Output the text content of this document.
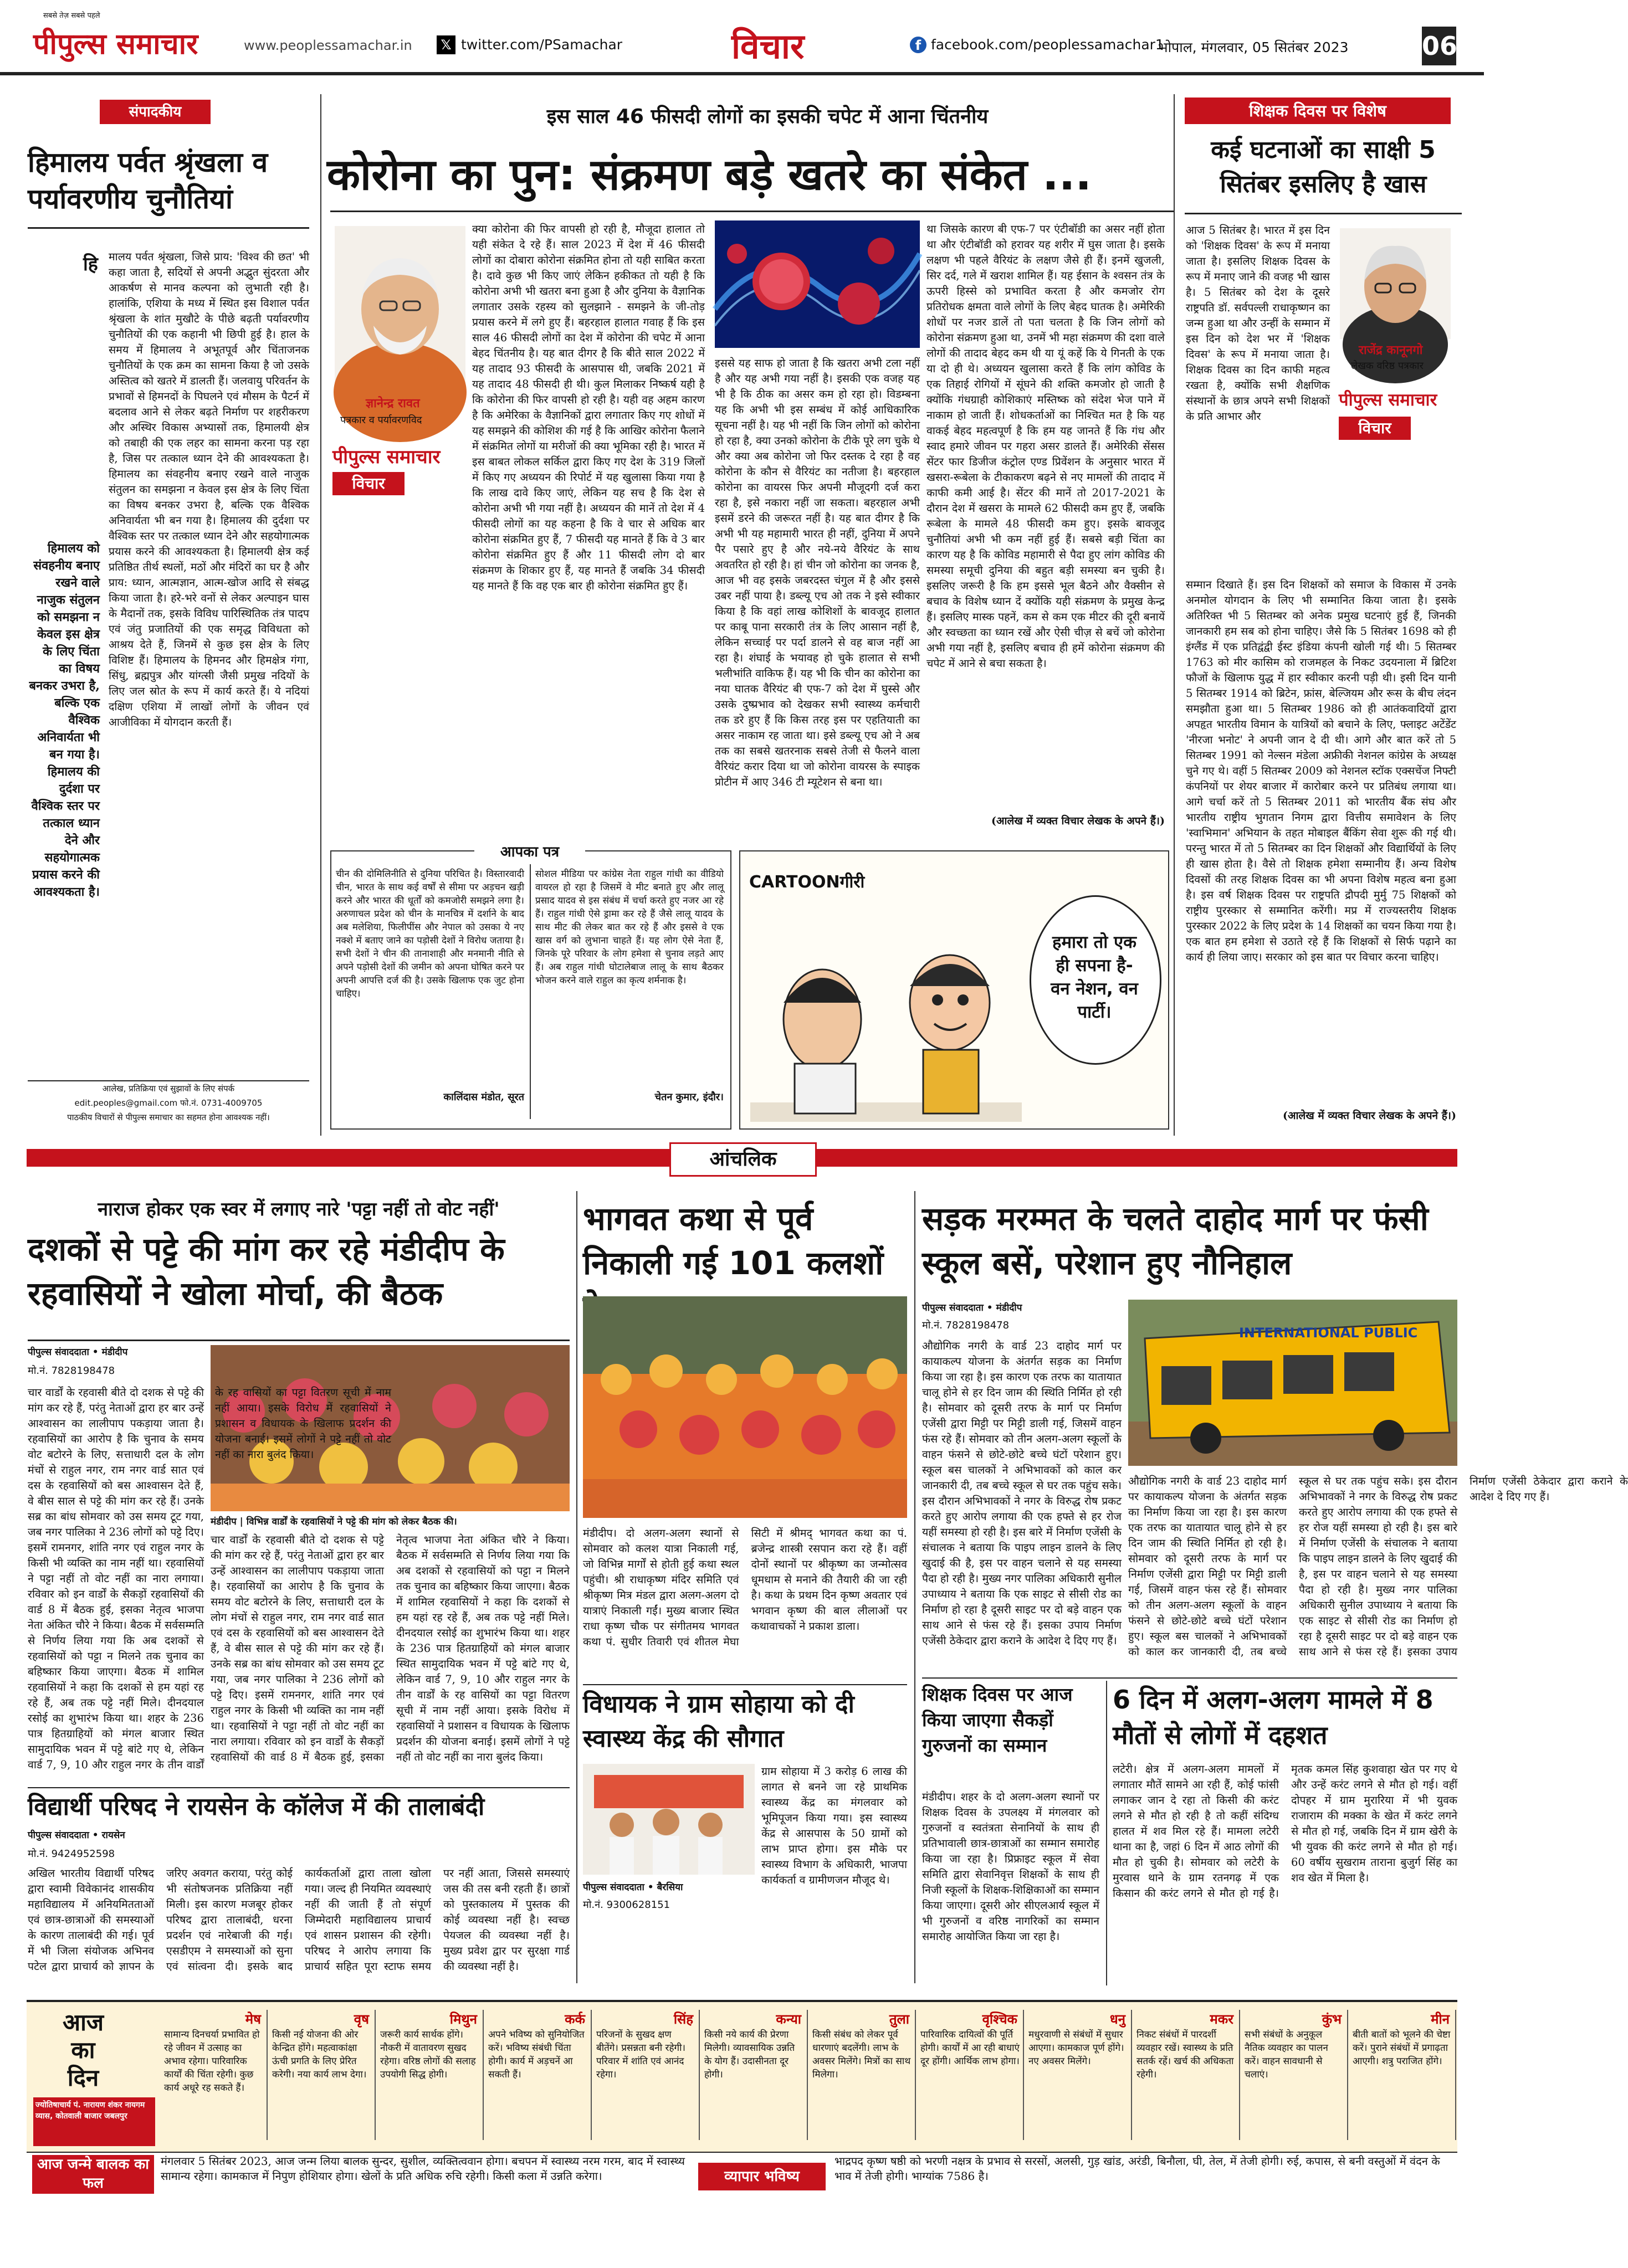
सबसे तेज़ सबसे पहले
पीपुल्स समाचार	www.peoplessamachar.in	𝕏 twitter.com/PSamachar	विचार	f facebook.com/peoplessamachar1
भोपाल, मंगलवार, 05 सितंबर 2023	06
संपादकीय
हिमालय पर्वत श्रृंखला व पर्यावरणीय चुनौतियां
हि मालय पर्वत श्रृंखला, जिसे प्राय: 'विश्व की छत' भी कहा जाता है, सदियों से अपनी अद्भुत सुंदरता और आकर्षण से मानव कल्पना को लुभाती रही है। हालांकि, एशिया के मध्य में स्थित इस विशाल पर्वत श्रृंखला के शांत मुखौटे के पीछे बढ़ती पर्यावरणीय चुनौतियों की एक कहानी भी छिपी हुई है। हाल के समय में हिमालय ने अभूतपूर्व और चिंताजनक चुनौतियों के एक क्रम का सामना किया है जो उसके अस्तित्व को खतरे में डालती हैं। जलवायु परिवर्तन के प्रभावों से हिमनदों के पिघलने एवं मौसम के पैटर्न में बदलाव आने से लेकर बढ़ते निर्माण पर शहरीकरण और अस्थिर विकास अभ्यासों तक, हिमालयी क्षेत्र को तबाही की एक लहर का सामना करना पड़ रहा है, जिस पर तत्काल ध्यान देने की आवश्यकता है। हिमालय का संवहनीय बनाए रखने वाले नाजुक संतुलन का समझना न केवल इस क्षेत्र के लिए चिंता का विषय बनकर उभरा है, बल्कि एक वैश्विक अनिवार्यता भी बन गया है। हिमालय की दुर्दशा पर वैश्विक स्तर पर तत्काल ध्यान देने और सहयोगात्मक प्रयास करने की आवश्यकता है। हिमालयी क्षेत्र कई प्रतिष्ठित तीर्थ स्थलों, मठों और मंदिरों का घर है और प्राय: ध्यान, आत्मज्ञान, आत्म-खोज आदि से संबद्ध किया जाता है। हरे-भरे वनों से लेकर अल्पाइन घास के मैदानों तक, इसके विविध पारिस्थितिक तंत्र पादप एवं जंतु प्रजातियों की एक समृद्ध विविधता को आश्रय देते हैं, जिनमें से कुछ इस क्षेत्र के लिए विशिष्ट हैं। हिमालय के हिमनद और हिमक्षेत्र गंगा, सिंधु, ब्रह्मपुत्र और यांग्त्सी जैसी प्रमुख नदियों के लिए जल स्रोत के रूप में कार्य करते हैं। ये नदियां दक्षिण एशिया में लाखों लोगों के जीवन एवं आजीविका में योगदान करती हैं।
हिमालय को संवहनीय बनाए रखने वाले नाजुक संतुलन को समझना न केवल इस क्षेत्र के लिए चिंता का विषय बनकर उभरा है, बल्कि एक वैश्विक अनिवार्यता भी बन गया है। हिमालय की दुर्दशा पर वैश्विक स्तर पर तत्काल ध्यान देने और सहयोगात्मक प्रयास करने की आवश्यकता है।
आलेख, प्रतिक्रिया एवं सुझावों के लिए संपर्क
edit.peoples@gmail.com फो.नं. 0731-4009705
पाठकीय विचारों से पीपुल्स समाचार का सहमत होना आवश्यक नहीं।
इस साल 46 फीसदी लोगों का इसकी चपेट में आना चिंतनीय
कोरोना का पुन: संक्रमण बड़े खतरे का संकेत ...
ज्ञानेन्द्र रावत
पत्रकार व पर्यावरणविद
पीपुल्स समाचार
विचार
क्या कोरोना की फिर वापसी हो रही है, मौजूदा हालात तो यही संकेत दे रहे हैं। साल 2023 में देश में 46 फीसदी लोगों का दोबारा कोरोना संक्रमित होना तो यही साबित करता है। दावे कुछ भी किए जाएं लेकिन हकीकत तो यही है कि कोरोना अभी भी खतरा बना हुआ है और दुनिया के वैज्ञानिक लगातार उसके रहस्य को सुलझाने - समझने के जी-तोड़ प्रयास करने में लगे हुए हैं। बहरहाल हालात गवाह हैं कि इस साल 46 फीसदी लोगों का देश में कोरोना की चपेट में आना बेहद चिंतनीय है। यह बात दीगर है कि बीते साल 2022 में यह तादाद 93 फीसदी के आसपास थी, जबकि 2021 में यह तादाद 48 फीसदी ही थी। कुल मिलाकर निष्कर्ष यही है कि कोरोना की फिर वापसी हो रही है। यही वह अहम कारण है कि अमेरिका के वैज्ञानिकों द्वारा लगातार किए गए शोधों में यह समझने की कोशिश की गई है कि आखिर कोरोना फैलाने में संक्रमित लोगों या मरीजों की क्या भूमिका रही है। भारत में इस बाबत लोकल सर्किल द्वारा किए गए देश के 319 जिलों में किए गए अध्ययन की रिपोर्ट में यह खुलासा किया गया है कि लाख दावे किए जाएं, लेकिन यह सच है कि देश से कोरोना अभी भी गया नहीं है। अध्ययन की मानें तो देश में 4 फीसदी लोगों का यह कहना है कि वे चार से अधिक बार कोरोना संक्रमित हुए हैं, 7 फीसदी यह मानते हैं कि वे 3 बार कोरोना संक्रमित हुए हैं और 11 फीसदी लोग दो बार संक्रमण के शिकार हुए हैं, यह मानते हैं जबकि 34 फीसदी यह मानते हैं कि वह एक बार ही कोरोना संक्रमित हुए हैं।
इससे यह साफ हो जाता है कि खतरा अभी टला नहीं है और यह अभी गया नहीं है। इसकी एक वजह यह भी है कि ठीक का असर कम हो रहा हो। विडम्बना यह कि अभी भी इस सम्बंध में कोई आधिकारिक सूचना नहीं है। यह भी नहीं कि जिन लोगों को कोरोना हो रहा है, क्या उनको कोरोना के टीके पूरे लग चुके थे और क्या अब कोरोना जो फिर दस्तक दे रहा है वह कोरोना के कौन से वैरियंट का नतीजा है। बहरहाल कोरोना का वायरस फिर अपनी मौजूदगी दर्ज करा रहा है, इसे नकारा नहीं जा सकता। बहरहाल अभी इसमें डरने की जरूरत नहीं है। यह बात दीगर है कि अभी भी यह महामारी भारत ही नहीं, दुनिया में अपने पैर पसारे हुए है और नये-नये वैरियंट के साथ अवतरित हो रही है। हां चीन जो कोरोना का जनक है, आज भी वह इसके जबरदस्त चंगुल में है और इससे उबर नहीं पाया है। डब्ल्यू एच ओ तक ने इसे स्वीकार किया है कि वहां लाख कोशिशों के बावजूद हालात पर काबू पाना सरकारी तंत्र के लिए आसान नहीं है, लेकिन सच्चाई पर पर्दा डालने से वह बाज नहीं आ रहा है। शंघाई के भयावह हो चुके हालात से सभी भलीभांति वाकिफ हैं। यह भी कि चीन का कोरोना का नया घातक वैरियंट बी एफ-7 को देश में घुस्से और उसके दुष्प्रभाव को देखकर सभी स्वास्थ्य कर्मचारी तक डरे हुए हैं कि किस तरह इस पर एहतियाती का असर नाकाम रह जाता था। इसे डब्ल्यू एच ओ ने अब तक का सबसे खतरनाक सबसे तेजी से फैलने वाला वैरियंट करार दिया था जो कोरोना वायरस के स्पाइक प्रोटीन में आए 346 टी म्यूटेशन से बना था।
था जिसके कारण बी एफ-7 पर एंटीबॉडी का असर नहीं होता था और एंटीबॉडी को हरावर यह शरीर में घुस जाता है। इसके लक्षण भी पहले वैरियंट के लक्षण जैसे ही हैं। इनमें खुजली, सिर दर्द, गले में खराश शामिल हैं। यह ईसान के श्वसन तंत्र के ऊपरी हिस्से को प्रभावित करता है और कमजोर रोग प्रतिरोधक क्षमता वाले लोगों के लिए बेहद घातक है। अमेरिकी शोधों पर नजर डालें तो पता चलता है कि जिन लोगों को कोरोना संक्रमण हुआ था, उनमें भी महा संक्रमण की दशा वाले लोगों की तादाद बेहद कम थी या यूं कहें कि ये गिनती के एक या दो ही थे। अध्ययन खुलासा करते हैं कि लांग कोविड के एक तिहाई रोगियों में सूंघने की शक्ति कमजोर हो जाती है क्योंकि गंधग्राही कोशिकाएं मस्तिष्क को संदेश भेज पाने में नाकाम हो जाती हैं। शोधकर्ताओं का निश्चित मत है कि यह वाकई बेहद महत्वपूर्ण है कि हम यह जानते हैं कि गंध और स्वाद हमारे जीवन पर गहरा असर डालते हैं। अमेरिकी सेंसस सेंटर फार डिजीज कंट्रोल एण्ड प्रिवेंशन के अनुसार भारत में खसरा-रूबेला के टीकाकरण बढ़ने से नए मामलों की तादाद में काफी कमी आई है। सेंटर की मानें तो 2017-2021 के दौरान देश में खसरा के मामले 62 फीसदी कम हुए हैं, जबकि रूबेला के मामले 48 फीसदी कम हुए। इसके बावजूद चुनौतियां अभी भी कम नहीं हुई हैं। सबसे बड़ी चिंता का कारण यह है कि कोविड महामारी से पैदा हुए लांग कोविड की समस्या समूची दुनिया की बहुत बड़ी समस्या बन चुकी है। इसलिए जरूरी है कि हम इससे भूल बैठने और वैक्सीन से बचाव के विशेष ध्यान दें क्योंकि यही संक्रमण के प्रमुख केन्द्र हैं। इसलिए मास्क पहनें, कम से कम एक मीटर की दूरी बनायें और स्वच्छता का ध्यान रखें और ऐसी चीज़ से बचें जो कोरोना अभी गया नहीं है, इसलिए बचाव ही हमें कोरोना संक्रमण की चपेट में आने से बचा सकता है।
(आलेख में व्यक्त विचार लेखक के अपने हैं।)
आपका पत्र
चीन की दोमिलिनीति से दुनिया परिचित है। विस्तारवादी चीन, भारत के साथ कई वर्षों से सीमा पर अड़चन खड़ी करने और भारत की धूर्तों को कमजोरी समझने लगा है। अरुणाचल प्रदेश को चीन के मानचित्र में दर्शाने के बाद अब मलेशिया, फिलीपींस और नेपाल को उसका ये नए नक्शे में बताए जाने का पड़ोसी देशों ने विरोध जताया है। सभी देशों ने चीन की तानाशाही और मनमानी नीति से अपने पड़ोसी देशों की जमीन को अपना घोषित करने पर अपनी आपत्ति दर्ज की है। उसके खिलाफ एक जुट होना चाहिए।
कालिंदास मंडोत, सूरत
सोशल मीडिया पर कांग्रेस नेता राहुल गांधी का वीडियो वायरल हो रहा है जिसमें वे मीट बनाते हुए और लालू प्रसाद यादव से इस संबंध में चर्चा करते हुए नजर आ रहे हैं। राहुल गांधी ऐसे ड्रामा कर रहे हैं जैसे लालू यादव के साथ मीट की लेकर बात कर रहे हैं और इससे वे एक खास वर्ग को लुभाना चाहते हैं। यह लोग ऐसे नेता हैं, जिनके पूरे परिवार के लोग हमेशा से चुनाव लड़ते आए हैं। अब राहुल गांधी घोटालेबाज लालू के साथ बैठकर भोजन करने वाले राहुल का कृत्य शर्मनाक है।
चेतन कुमार, इंदौर।
CARTOONगीरी
हमारा तो एक ही सपना है- वन नेशन, वन पार्टी।
शिक्षक दिवस पर विशेष
कई घटनाओं का साक्षी 5 सितंबर इसलिए है खास
आज 5 सितंबर है। भारत में इस दिन को 'शिक्षक दिवस' के रूप में मनाया जाता है। इसलिए शिक्षक दिवस के रूप में मनाए जाने की वजह भी खास है। 5 सितंबर को देश के दूसरे राष्ट्रपति डॉ. सर्वपल्ली राधाकृष्णन का जन्म हुआ था और उन्हीं के सम्मान में इस दिन को देश भर में 'शिक्षक दिवस' के रूप में मनाया जाता है। शिक्षक दिवस का दिन काफी महत्व रखता है, क्योंकि सभी शैक्षणिक संस्थानों के छात्र अपने सभी शिक्षकों के प्रति आभार और
राजेंद्र कानूनगो
लेखक वरिष्ठ पत्रकार
पीपुल्स समाचार
विचार
सम्मान दिखाते हैं। इस दिन शिक्षकों को समाज के विकास में उनके अनमोल योगदान के लिए भी सम्मानित किया जाता है। इसके अतिरिक्त भी 5 सितम्बर को अनेक प्रमुख घटनाएं हुई हैं, जिनकी जानकारी हम सब को होना चाहिए। जैसे कि 5 सितंबर 1698 को ही इंग्लैंड में एक प्रतिद्वंद्वी ईस्ट इंडिया कंपनी खोली गई थी। 5 सितम्बर 1763 को मीर कासिम को राजमहल के निकट उदयनाला में ब्रिटिश फौजों के खिलाफ युद्ध में हार स्वीकार करनी पड़ी थी। इसी दिन यानी 5 सितम्बर 1914 को ब्रिटेन, फ्रांस, बेल्जियम और रूस के बीच लंदन समझौता हुआ था। 5 सितम्बर 1986 को ही आतंकवादियों द्वारा अपहृत भारतीय विमान के यात्रियों को बचाने के लिए, फ्लाइट अटेंडेंट 'नीरजा भनोट' ने अपनी जान दे दी थी। आगे और बात करें तो 5 सितम्बर 1991 को नेल्सन मंडेला अफ्रीकी नेशनल कांग्रेस के अध्यक्ष चुने गए थे। वहीं 5 सितम्बर 2009 को नेशनल स्टॉक एक्सचेंज निफ्टी कंपनियों पर शेयर बाजार में कारोबार करने पर प्रतिबंध लगाया था। आगे चर्चा करें तो 5 सितम्बर 2011 को भारतीय बैंक संघ और भारतीय राष्ट्रीय भुगतान निगम द्वारा वित्तीय समावेशन के लिए 'स्वाभिमान' अभियान के तहत मोबाइल बैंकिंग सेवा शुरू की गई थी। परन्तु भारत में तो 5 सितम्बर का दिन शिक्षकों और विद्यार्थियों के लिए ही खास होता है। वैसे तो शिक्षक हमेशा सम्मानीय हैं। अन्य विशेष दिवसों की तरह शिक्षक दिवस का भी अपना विशेष महत्व बना हुआ है। इस वर्ष शिक्षक दिवस पर राष्ट्रपति द्रौपदी मुर्मु 75 शिक्षकों को राष्ट्रीय पुरस्कार से सम्मानित करेंगी। मप्र में राज्यस्तरीय शिक्षक पुरस्कार 2022 के लिए प्रदेश के 14 शिक्षकों का चयन किया गया है। एक बात हम हमेशा से उठाते रहे हैं कि शिक्षकों से सिर्फ पढ़ाने का कार्य ही लिया जाए। सरकार को इस बात पर विचार करना चाहिए।
(आलेख में व्यक्त विचार लेखक के अपने हैं।)
आंचलिक
नाराज होकर एक स्वर में लगाए नारे 'पट्टा नहीं तो वोट नहीं'
दशकों से पट्टे की मांग कर रहे मंडीदीप के रहवासियों ने खोला मोर्चा, की बैठक
पीपुल्स संवाददाता • मंडीदीप
मो.नं. 7828198478
मंडीदीप | विभिन्न वार्डों के रहवासियों ने पट्टे की मांग को लेकर बैठक की।
चार वार्डों के रहवासी बीते दो दशक से पट्टे की मांग कर रहे हैं, परंतु नेताओं द्वारा हर बार उन्हें आश्वासन का लालीपाप पकड़ाया जाता है। रहवासियों का आरोप है कि चुनाव के समय वोट बटोरने के लिए, सत्ताधारी दल के लोग मंचों से राहुल नगर, राम नगर वार्ड सात एवं दस के रहवासियों को बस आश्वासन देते हैं, वे बीस साल से पट्टे की मांग कर रहे हैं। उनके सब्र का बांध सोमवार को उस समय टूट गया, जब नगर पालिका ने 236 लोगों को पट्टे दिए। इसमें रामनगर, शांति नगर एवं राहुल नगर के किसी भी व्यक्ति का नाम नहीं था। रहवासियों ने पट्टा नहीं तो वोट नहीं का नारा लगाया। रविवार को इन वार्डों के सैकड़ों रहवासियों की वार्ड 8 में बैठक हुई, इसका नेतृत्व भाजपा नेता अंकित चौरे ने किया। बैठक में सर्वसम्मति से निर्णय लिया गया कि अब दशकों से रहवासियों को पट्टा न मिलने तक चुनाव का बहिष्कार किया जाएगा। बैठक में शामिल रहवासियों ने कहा कि दशकों से हम यहां रह रहे हैं, अब तक पट्टे नहीं मिले। दीनदयाल रसोई का शुभारंभ किया था। शहर के 236 पात्र हितग्राहियों को मंगल बाजार स्थित सामुदायिक भवन में पट्टे बांटे गए थे, लेकिन वार्ड 7, 9, 10 और राहुल नगर के तीन वार्डों
चार वार्डों के रहवासी बीते दो दशक से पट्टे की मांग कर रहे हैं, परंतु नेताओं द्वारा हर बार उन्हें आश्वासन का लालीपाप पकड़ाया जाता है। रहवासियों का आरोप है कि चुनाव के समय वोट बटोरने के लिए, सत्ताधारी दल के लोग मंचों से राहुल नगर, राम नगर वार्ड सात एवं दस के रहवासियों को बस आश्वासन देते हैं, वे बीस साल से पट्टे की मांग कर रहे हैं। उनके सब्र का बांध सोमवार को उस समय टूट गया, जब नगर पालिका ने 236 लोगों को पट्टे दिए। इसमें रामनगर, शांति नगर एवं राहुल नगर के किसी भी व्यक्ति का नाम नहीं था। रहवासियों ने पट्टा नहीं तो वोट नहीं का नारा लगाया। रविवार को इन वार्डों के सैकड़ों रहवासियों की वार्ड 8 में बैठक हुई, इसका नेतृत्व भाजपा नेता अंकित चौरे ने किया। बैठक में सर्वसम्मति से निर्णय लिया गया कि अब दशकों से रहवासियों को पट्टा न मिलने तक चुनाव का बहिष्कार किया जाएगा। बैठक में शामिल रहवासियों ने कहा कि दशकों से हम यहां रह रहे हैं, अब तक पट्टे नहीं मिले। दीनदयाल रसोई का शुभारंभ किया था। शहर के 236 पात्र हितग्राहियों को मंगल बाजार स्थित सामुदायिक भवन में पट्टे बांटे गए थे, लेकिन वार्ड 7, 9, 10 और राहुल नगर के तीन वार्डों के रह वासियों का पट्टा वितरण सूची में नाम नहीं आया। इसके विरोध में रहवासियों ने प्रशासन व विधायक के खिलाफ प्रदर्शन की योजना बनाई। इसमें लोगों ने पट्टे नहीं तो वोट नहीं का नारा बुलंद किया।
विद्यार्थी परिषद ने रायसेन के कॉलेज में की तालाबंदी
पीपुल्स संवाददाता • रायसेन
मो.नं. 9424952598
अखिल भारतीय विद्यार्थी परिषद द्वारा स्वामी विवेकानंद शासकीय महाविद्यालय में अनियमितताओं एवं छात्र-छात्राओं की समस्याओं के कारण तालाबंदी की गई। पूर्व में भी जिला संयोजक अभिनव पटेल द्वारा प्राचार्य को ज्ञापन के जरिए अवगत कराया, परंतु कोई भी संतोषजनक प्रतिक्रिया नहीं मिली। इस कारण मजबूर होकर परिषद द्वारा तालाबंदी, धरना प्रदर्शन एवं नारेबाजी की गई। एसडीएम ने समस्याओं को सुना एवं सांत्वना दी। इसके बाद कार्यकर्ताओं द्वारा ताला खोला गया। जल्द ही नियमित व्यवस्थाएं नहीं की जाती हैं तो संपूर्ण जिम्मेदारी महाविद्यालय प्राचार्य एवं शासन प्रशासन की रहेगी। परिषद ने आरोप लगाया कि प्राचार्य सहित पूरा स्टाफ समय पर नहीं आता, जिससे समस्याएं जस की तस बनी रहती हैं। छात्रों को पुस्तकालय में पुस्तक की कोई व्यवस्था नहीं है। स्वच्छ पेयजल की व्यवस्था नहीं है। मुख्य प्रवेश द्वार पर सुरक्षा गार्ड की व्यवस्था नहीं है।
भागवत कथा से पूर्व निकाली गई 101 कलशों
मंडीदीप। दो अलग-अलग स्थानों से सोमवार को कलश यात्रा निकाली गई, जो विभिन्न मार्गों से होती हुई कथा स्थल पहुंची। श्री राधाकृष्ण मंदिर समिति एवं श्रीकृष्ण मित्र मंडल द्वारा अलग-अलग दो यात्राएं निकाली गईं। मुख्य बाजार स्थित राधा कृष्ण चौक पर संगीतमय भागवत कथा पं. सुधीर तिवारी एवं शीतल मेघा सिटी में श्रीमद् भागवत कथा का पं. ब्रजेन्द्र शास्त्री रसपान करा रहे हैं। वहीं दोनों स्थानों पर श्रीकृष्ण का जन्मोत्सव धूमधाम से मनाने की तैयारी की जा रही है। कथा के प्रथम दिन कृष्ण अवतार एवं भगवान कृष्ण की बाल लीलाओं पर कथावाचकों ने प्रकाश डाला।
विधायक ने ग्राम सोहाया को दी स्वास्थ्य केंद्र की सौगात
पीपुल्स संवाददाता • बैरसिया
मो.नं. 9300628151
ग्राम सोहाया में 3 करोड़ 6 लाख की लागत से बनने जा रहे प्राथमिक स्वास्थ्य केंद्र का मंगलवार को भूमिपूजन किया गया। इस स्वास्थ्य केंद्र से आसपास के 50 ग्रामों को लाभ प्राप्त होगा। इस मौके पर स्वास्थ्य विभाग के अधिकारी, भाजपा कार्यकर्ता व ग्रामीणजन मौजूद थे।
सड़क मरम्मत के चलते दाहोद मार्ग पर फंसी स्कूल बसें, परेशान हुए नौनिहाल
पीपुल्स संवाददाता • मंडीदीप
मो.नं. 7828198478	INTERNATIONAL PUBLIC
औद्योगिक नगरी के वार्ड 23 दाहोद मार्ग पर कायाकल्प योजना के अंतर्गत सड़क का निर्माण किया जा रहा है। इस कारण एक तरफ का यातायात चालू होने से हर दिन जाम की स्थिति निर्मित हो रही है। सोमवार को दूसरी तरफ के मार्ग पर निर्माण एजेंसी द्वारा मिट्टी पर मिट्टी डाली गई, जिसमें वाहन फंस रहे हैं। सोमवार को तीन अलग-अलग स्कूलों के वाहन फंसने से छोटे-छोटे बच्चे घंटों परेशान हुए। स्कूल बस चालकों ने अभिभावकों को काल कर जानकारी दी, तब बच्चे स्कूल से घर तक पहुंच सके। इस दौरान अभिभावकों ने नगर के विरुद्ध रोष प्रकट करते हुए आरोप लगाया की एक हफ्ते से हर रोज यहीं समस्या हो रही है। इस बारे में निर्माण एजेंसी के संचालक ने बताया कि पाइप लाइन डालने के लिए खुदाई की है, इस पर वाहन चलाने से यह समस्या पैदा हो रही है। मुख्य नगर पालिका अधिकारी सुनील उपाध्याय ने बताया कि एक साइट से सीसी रोड का निर्माण हो रहा है दूसरी साइट पर दो बड़े वाहन एक साथ आने से फंस रहे हैं। इसका उपाय निर्माण एजेंसी ठेकेदार द्वारा कराने के आदेश दे दिए गए हैं।
औद्योगिक नगरी के वार्ड 23 दाहोद मार्ग पर कायाकल्प योजना के अंतर्गत सड़क का निर्माण किया जा रहा है। इस कारण एक तरफ का यातायात चालू होने से हर दिन जाम की स्थिति निर्मित हो रही है। सोमवार को दूसरी तरफ के मार्ग पर निर्माण एजेंसी द्वारा मिट्टी पर मिट्टी डाली गई, जिसमें वाहन फंस रहे हैं। सोमवार को तीन अलग-अलग स्कूलों के वाहन फंसने से छोटे-छोटे बच्चे घंटों परेशान हुए। स्कूल बस चालकों ने अभिभावकों को काल कर जानकारी दी, तब बच्चे स्कूल से घर तक पहुंच सके। इस दौरान अभिभावकों ने नगर के विरुद्ध रोष प्रकट करते हुए आरोप लगाया की एक हफ्ते से हर रोज यहीं समस्या हो रही है। इस बारे में निर्माण एजेंसी के संचालक ने बताया कि पाइप लाइन डालने के लिए खुदाई की है, इस पर वाहन चलाने से यह समस्या पैदा हो रही है। मुख्य नगर पालिका अधिकारी सुनील उपाध्याय ने बताया कि एक साइट से सीसी रोड का निर्माण हो रहा है दूसरी साइट पर दो बड़े वाहन एक साथ आने से फंस रहे हैं। इसका उपाय निर्माण एजेंसी ठेकेदार द्वारा कराने के आदेश दे दिए गए हैं।
शिक्षक दिवस पर आज किया जाएगा सैकड़ों गुरुजनों का सम्मान
मंडीदीप। शहर के दो अलग-अलग स्थानों पर शिक्षक दिवस के उपलक्ष्य में मंगलवार को गुरुजनों व स्वतंत्रता सेनानियों के साथ ही प्रतिभावाली छात्र-छात्राओं का सम्मान समारोह किया जा रहा है। प्रिफ्राइट स्कूल में सेवा समिति द्वारा सेवानिवृत्त शिक्षकों के साथ ही निजी स्कूलों के शिक्षक-शिक्षिकाओं का सम्मान किया जाएगा। दूसरी ओर सीएलआर्य स्कूल में भी गुरुजनों व वरिष्ठ नागरिकों का सम्मान समारोह आयोजित किया जा रहा है।
6 दिन में अलग-अलग मामले में 8 मौतों से लोगों में दहशत
लटेरी। क्षेत्र में अलग-अलग मामलों में लगातार मौतें सामने आ रही हैं, कोई फांसी लगाकर जान दे रहा तो किसी की करंट लगने से मौत हो रही है तो कहीं संदिग्ध हालत में शव मिल रहे हैं। मामला लटेरी थाना का है, जहां 6 दिन में आठ लोगों की मौत हो चुकी है। सोमवार को लटेरी के मुरवास थाने के ग्राम रतनगढ़ में एक किसान की करंट लगने से मौत हो गई है। मृतक कमल सिंह कुशवाहा खेत पर गए थे और उन्हें करंट लगने से मौत हो गई। वहीं दोपहर में ग्राम मुरारिया में भी युवक राजाराम की मक्का के खेत में करंट लगने से मौत हो गई, जबकि दिन में ग्राम खेरी के भी युवक की करंट लगने से मौत हो गई। 60 वर्षीय सुखराम ताराना बुजुर्ग सिंह का शव खेत में मिला है।
आज
का
दिन
ज्योतिषाचार्य पं. नारायण शंकर नायगम व्यास, कोतवाली बाजार जबलपुर
मेष
सामान्य दिनचर्या प्रभावित हो रहे जीवन में उत्साह का अभाव रहेगा। पारिवारिक कार्यों की चिंता रहेगी। कुछ कार्य अधूरे रह सकते हैं।
वृष
किसी नई योजना की ओर केन्द्रित होंगे। महत्वाकांक्षा ऊंची प्रगति के लिए प्रेरित करेगी। नया कार्य लाभ देगा।
मिथुन
जरूरी कार्य सार्थक होंगे। नौकरी में वातावरण सुखद रहेगा। वरिष्ठ लोगों की सलाह उपयोगी सिद्ध होगी।
कर्क
अपने भविष्य को सुनियोजित करें। भविष्य संबंधी चिंता होगी। कार्य में अड़चनें आ सकती हैं।
सिंह
परिजनों के सुखद क्षण बीतेंगे। प्रसन्नता बनी रहेगी। परिवार में शांति एवं आनंद रहेगा।
कन्या
किसी नये कार्य की प्रेरणा मिलेगी। व्यावसायिक उन्नति के योग हैं। उदासीनता दूर होगी।
तुला
किसी संबंध को लेकर पूर्व धारणाएं बदलेंगी। लाभ के अवसर मिलेंगे। मित्रों का साथ मिलेगा।
वृश्चिक
पारिवारिक दायित्वों की पूर्ति होगी। कार्यों में आ रही बाधाएं दूर होंगी। आर्थिक लाभ होगा।
धनु
मधुरवाणी से संबंधों में सुधार आएगा। कामकाज पूर्ण होंगे। नए अवसर मिलेंगे।
मकर
निकट संबंधों में पारदर्शी व्यवहार रखें। स्वास्थ्य के प्रति सतर्क रहें। खर्च की अधिकता रहेगी।
कुंभ
सभी संबंधों के अनुकूल नैतिक व्यवहार का पालन करें। वाहन सावधानी से चलाएं।
मीन
बीती बातों को भूलने की चेष्टा करें। पुराने संबंधों में प्रगाढ़ता आएगी। शत्रु पराजित होंगे।
आज जन्मे बालक का फल
मंगलवार 5 सितंबर 2023, आज जन्म लिया बालक सुन्दर, सुशील, व्यक्तित्ववान होगा। बचपन में स्वास्थ्य नरम गरम, बाद में स्वास्थ्य सामान्य रहेगा। कामकाज में निपुण होशियार होगा। खेलों के प्रति अधिक रुचि रहेगी। किसी कला में उन्नति करेगा।	व्यापार भविष्य
भाद्रपद कृष्ण षष्ठी को भरणी नक्षत्र के प्रभाव से सरसों, अलसी, गुड़ खांड, अरंडी, बिनौला, घी, तेल, में तेजी होगी। रुई, कपास, से बनी वस्तुओं में वंदन के भाव में तेजी होगी। भाग्यांक 7586 है।
